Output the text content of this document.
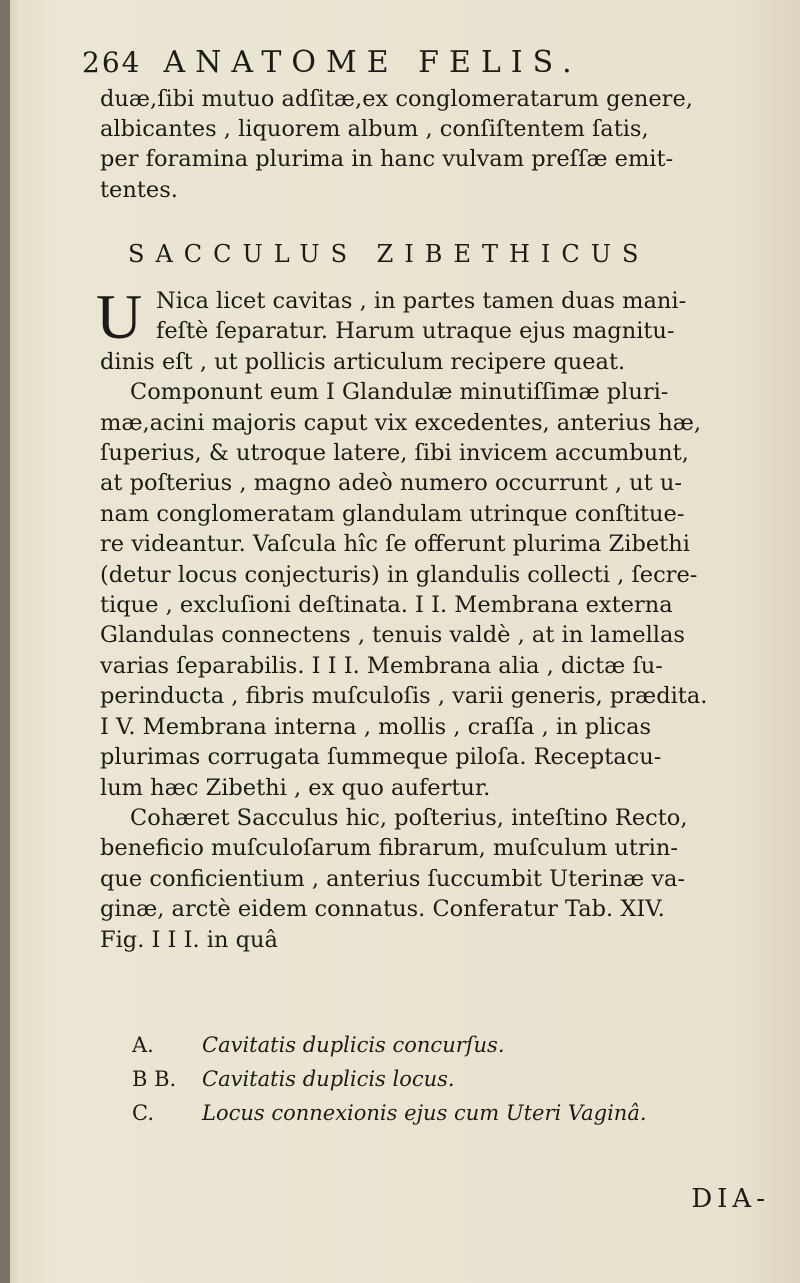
264 ANATOME FELIS.
duæ,ſibi mutuo adſitæ,ex conglomeratarum genere,
albicantes , liquorem album , conſiſtentem ſatis,
per foramina plurima in hanc vulvam preſſæ emit-
tentes.
SACCULUS ZIBETHICUS
U Nica licet cavitas , in partes tamen duas mani-
feſtè ſeparatur. Harum utraque ejus magnitu-
dinis eſt , ut pollicis articulum recipere queat.
Componunt eum I Glandulæ minutiſſimæ pluri-
mæ,acini majoris caput vix excedentes, anterius hæ,
ſuperius, & utroque latere, ſibi invicem accumbunt,
at poſterius , magno adeò numero occurrunt , ut u-
nam conglomeratam glandulam utrinque conſtitue-
re videantur. Vaſcula hîc ſe offerunt plurima Zibethi
(detur locus conjecturis) in glandulis collecti , ſecre-
tique , excluſioni deſtinata. I I. Membrana externa
Glandulas connectens , tenuis valdè , at in lamellas
varias ſeparabilis. I I I. Membrana alia , dictæ ſu-
perinducta , fibris muſculoſis , varii generis, prædita.
I V. Membrana interna , mollis , craſſa , in plicas
plurimas corrugata ſummeque piloſa. Receptacu-
lum hæc Zibethi , ex quo aufertur.
Cohæret Sacculus hic, poſterius, inteſtino Recto,
beneficio muſculoſarum fibrarum, muſculum utrin-
que conficientium , anterius ſuccumbit Uterinæ va-
ginæ, arctè eidem connatus. Conferatur Tab. XIV.
Fig. I I I. in quâ
A.	Cavitatis duplicis concurſus.
B B.	Cavitatis duplicis locus.
C.	Locus connexionis ejus cum Uteri Vaginâ.
DIA-
